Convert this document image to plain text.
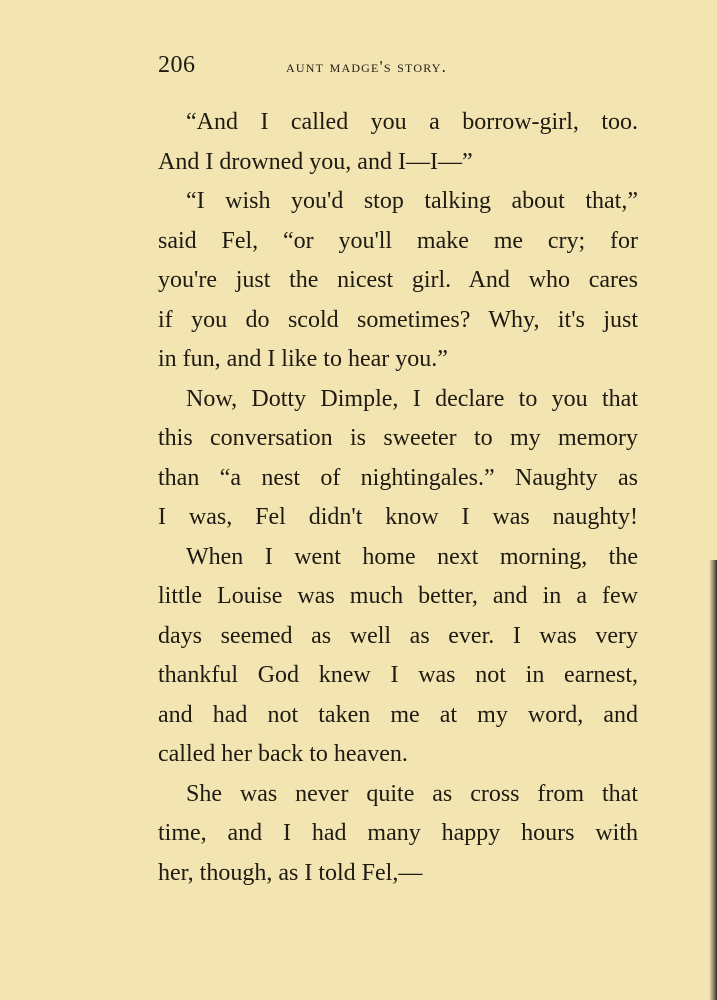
206	aunt madge's story.
“And I called you a borrow-girl, too.
And I drowned you, and I—I—”
“I wish you'd stop talking about that,”
said Fel, “or you'll make me cry; for
you're just the nicest girl. And who cares
if you do scold sometimes? Why, it's just
in fun, and I like to hear you.”
Now, Dotty Dimple, I declare to you that
this conversation is sweeter to my memory
than “a nest of nightingales.” Naughty as
I was, Fel didn't know I was naughty!
When I went home next morning, the
little Louise was much better, and in a few
days seemed as well as ever. I was very
thankful God knew I was not in earnest,
and had not taken me at my word, and
called her back to heaven.
She was never quite as cross from that
time, and I had many happy hours with
her, though, as I told Fel,—
